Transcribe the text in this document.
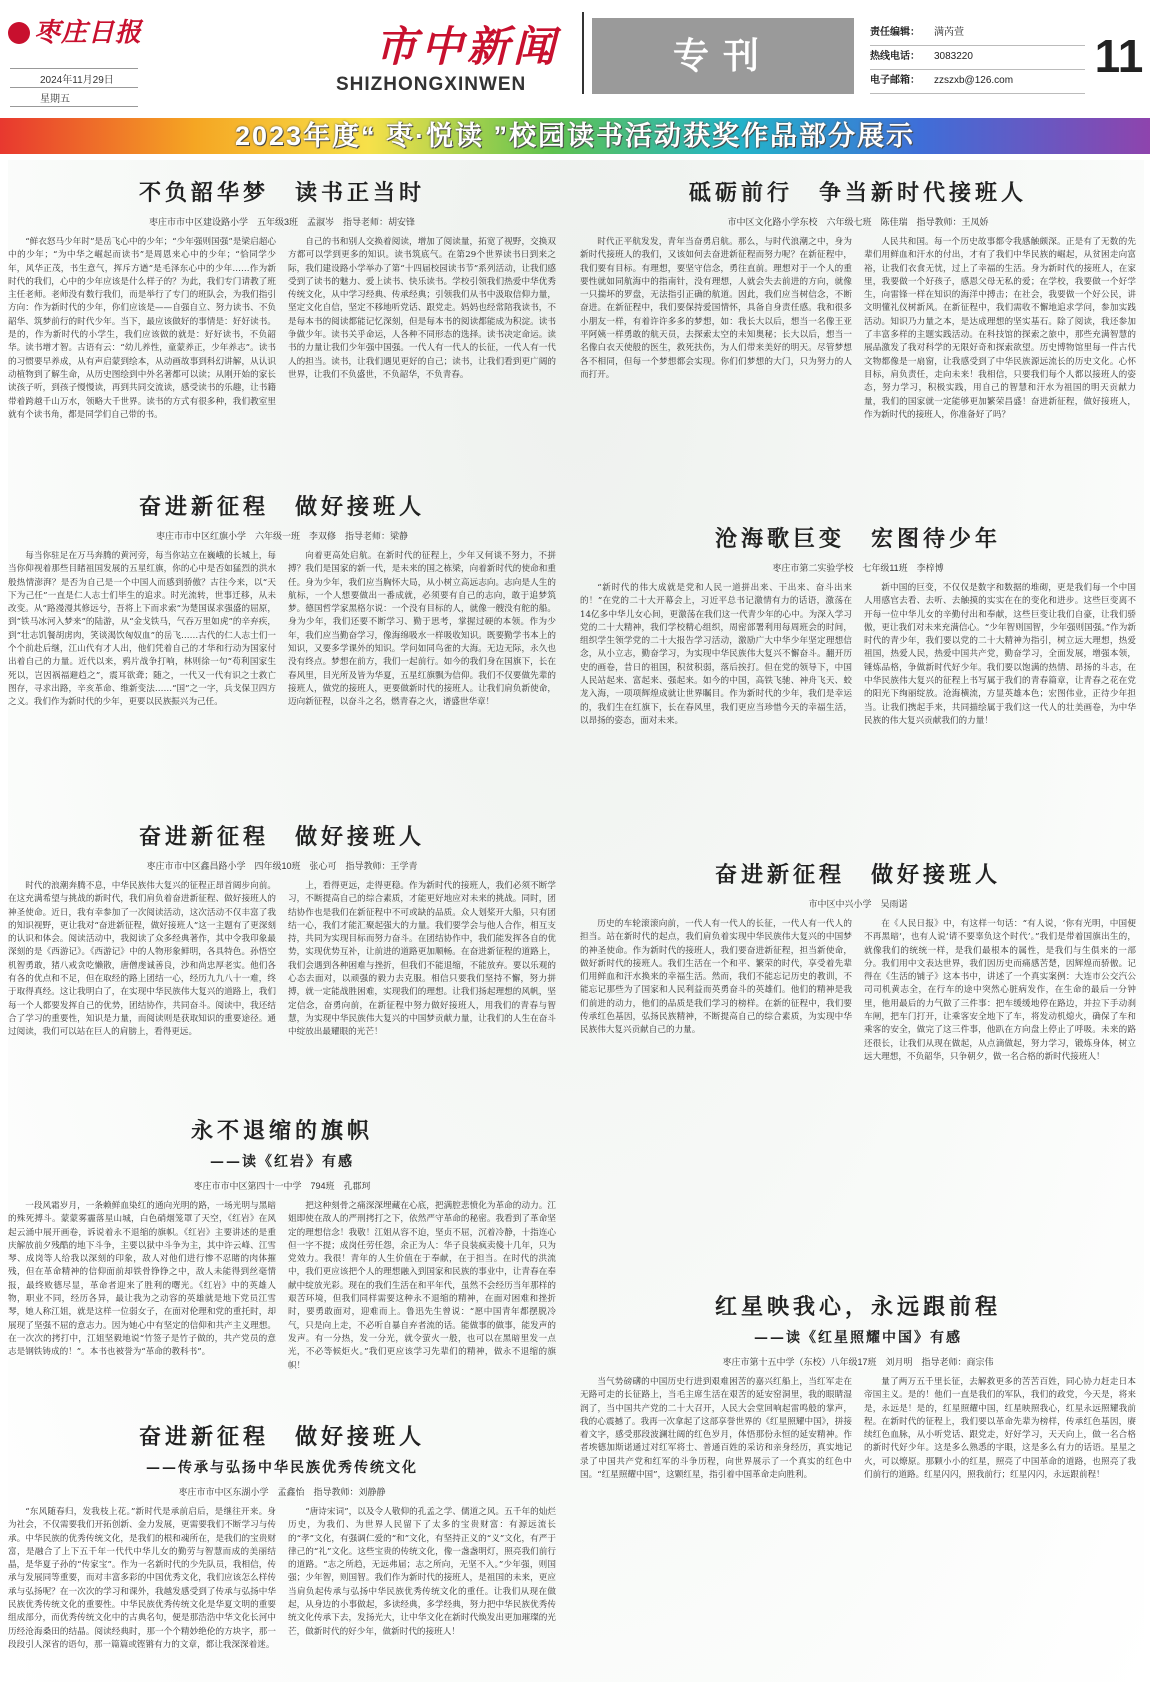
枣庄日报
2024年11月29日
星期五
市中新闻
SHIZHONGXINWEN
专刊
责任编辑：	满芮萱
热线电话：	3083220
电子邮箱：	zzszxb@126.com 11
2023年度“ 枣·悦读 ”校园读书活动获奖作品部分展示
不负韶华梦　读书正当时
枣庄市市中区建设路小学　五年级3班　孟淑岑　指导老师：胡安锋

“鲜衣怒马少年时”是岳飞心中的少年；“少年强则国强”是梁启超心中的少年；“为中华之崛起而读书”是周恩来心中的少年；“恰同学少年，风华正茂，书生意气，挥斥方遒”是毛泽东心中的少年……作为新时代的我们，心中的少年应该是什么样子的？为此，我们专门请教了班主任老师。老师没有数行我们，而是举行了专门的班队会，为我们指引方向：作为新时代的少年，你们应该是——自强自立、努力读书、不负韶华、筑梦前行的时代少年。当下，最应该做好的事情是：好好读书。是的，作为新时代的小学生，我们应该做的就是：好好读书，不负韶华。读书增才智。古语有云：“幼儿养性，童蒙养正，少年养志”。读书的习惯要早养成，从有声启蒙到绘本，从动画故事到科幻讲解，从认识动植物到了解生命，从历史图绘到中外名著都可以读；从刚开始的家长读孩子听，到孩子慢慢读，再到共同交流读，感受读书的乐趣，让书籍带着跨越千山万水，领略大千世界。读书的方式有很多种，我们教室里就有个读书角，都是同学们自己带的书。

自己的书和别人交换着阅读，增加了阅读量，拓宽了视野，交换双方都可以学到更多的知识。读书筑底气。在第29个世界读书日到来之际，我们建设路小学举办了第“十四届校园读书节”系列活动，让我们感受到了读书的魅力、爱上读书、快乐读书。学校引领我们热爱中华优秀传统文化，从中学习经典、传承经典；引领我们从书中汲取信仰力量，坚定文化自信，坚定不移地听党话、跟党走。妈妈也经常陪我读书，不是每本书的阅读都能记忆深刻，但是每本书的阅读都能成为积淀。读书争做少年。读书关乎命运，人各种不同形态的选择。读书决定命运。读书的力量让我们少年强中国强。一代人有一代人的长征，一代人有一代人的担当。读书，让我们遇见更好的自己；读书，让我们看到更广阔的世界，让我们不负盛世，不负韶华，不负青春。

奋进新征程　做好接班人
枣庄市市中区红旗小学　六年级一班　李双修　指导老师：梁静

每当你驻足在万马奔腾的黄河旁，每当你站立在巍峨的长城上，每当你仰视着那些目睹祖国发展的五星红旗，你的心中是否如猛烈的洪水般热情澎湃？是否为自己是一个中国人而感到骄傲？古往今来，以“天下为己任”一直是仁人志士们毕生的追求。时光流转，世事迁移，从未改变。从“路漫漫其修远兮，吾将上下而求索”为楚国谋求强盛的屈原，到“铁马冰河入梦来”的陆游，从“金戈铁马，气吞万里如虎”的辛弃疾，到“壮志饥餐胡虏肉，笑谈渴饮匈奴血”的岳飞……古代的仁人志士们一个个前赴后继，江山代有才人出，他们凭着自己的才华和行动为国家付出着自己的力量。近代以来，鸦片战争打响，林则徐一句“苟利国家生死以，岂因祸福避趋之”，震耳欲聋；随之，一代又一代有识之士救亡图存，寻求出路，辛亥革命、维新变法……“国”之一字，兵戈保卫四方之义。我们作为新时代的少年，更要以民族振兴为己任。

向着更高处启航。在新时代的征程上，少年又何谈不努力，不拼搏？我们是国家的新一代，是未来的国之栋梁，向着新时代的使命和重任。身为少年，我们应当胸怀大局，从小树立高远志向。志向是人生的航标，一个人想要做出一番成就，必须要有自己的志向，敢于追梦筑梦。德国哲学家黑格尔说：一个没有目标的人，就像一艘没有舵的船。身为少年，我们还要不断学习、勤于思考，掌握过硬的本领。作为少年，我们应当勤奋学习，像海绵吸水一样吸收知识。既要勤学书本上的知识，又要多学课外的知识。学问如同鸟雀的大海。无边无际，永久也没有终点。梦想在前方，我们一起前行。如今的我们身在国旗下，长在春风里，目光所及皆为华夏，五星红旗飘为信仰。我们不仅要做先辈的接班人，做党的接班人，更要做新时代的接班人。让我们肩负新使命，迈向新征程，以奋斗之名，燃青春之火，谱盛世华章！

奋进新征程　做好接班人
枣庄市市中区鑫昌路小学　四年级10班　张心可　指导教师：王学青

时代的浪潮奔腾不息，中华民族伟大复兴的征程正昂首阔步向前。在这充满希望与挑战的新时代，我们肩负着奋进新征程、做好接班人的神圣使命。近日，我有幸参加了一次阅读活动，这次活动不仅丰富了我的知识视野，更让我对“奋进新征程，做好接班人”这一主题有了更深刻的认识和体会。阅读活动中，我阅读了众多经典著作，其中令我印象最深刻的是《西游记》。《西游记》中的人物形象鲜明，各具特色。孙悟空机智勇敢，猪八戒贪吃懒散，唐僧虔诚善良，沙和尚忠厚老实。他们各有各的优点和不足，但在取经的路上团结一心，经历九九八十一难，终于取得真经。这让我明白了，在实现中华民族伟大复兴的道路上，我们每一个人都要发挥自己的优势，团结协作，共同奋斗。阅读中，我还结合了学习的重要性，知识是力量，而阅读则是获取知识的重要途径。通过阅读，我们可以站在巨人的肩膀上，看得更远。

上，看得更远，走得更稳。作为新时代的接班人，我们必须不断学习，不断提高自己的综合素质，才能更好地应对未来的挑战。同时，团结协作也是我们在新征程中不可或缺的品质。众人划桨开大船，只有团结一心，我们才能汇聚起强大的力量。我们要学会与他人合作，相互支持，共同为实现目标而努力奋斗。在团结协作中，我们能发挥各自的优势，实现优势互补，让前进的道路更加顺畅。在奋进新征程的道路上，我们会遇到各种困难与挫折，但我们不能退缩，不能放弃。要以乐观的心态去面对，以顽强的毅力去克服。相信只要我们坚持不懈，努力拼搏，就一定能战胜困难，实现我们的理想。让我们扬起理想的风帆，坚定信念，奋勇向前，在新征程中努力做好接班人，用我们的青春与智慧，为实现中华民族伟大复兴的中国梦贡献力量，让我们的人生在奋斗中绽放出最耀眼的光芒！

永不退缩的旗帜
——读《红岩》有感
枣庄市市中区第四十一中学　794班　孔郡珂

一段风霜岁月，一条赖鲜血染红的通向光明的路，一场光明与黑暗的殊死搏斗。蒙蒙雾霾落星山城，白色硝烟笼罩了天空，《红岩》在风起云涌中展开画卷，诉说着永不退缩的旗帜。《红岩》主要讲述的是重庆解放前夕残酷的地下斗争，主要以狱中斗争为主，其中许云峰、江雪琴、成岗等人给我以深刻的印象，敌人对他们进行惨不忍睹的肉体摧残，但在革命精神的信仰面前却铁骨铮铮之中，敌人未能得到丝毫情报，最终败德尽显，革命者迎来了胜利的曙光。《红岩》中的英雄人物，职业不同，经历各异，最让我为之动容的英雄就是地下党员江雪琴，她人称江姐，就是这样一位弱女子，在面对伦理和党的重托时，却展现了坚强不屈的意志力。因为她心中有坚定的信仰和共产主义理想。在一次次的拷打中，江姐坚毅地说“竹签子是竹子做的，共产党员的意志是钢铁铸成的！”。本书也被誉为“革命的教科书”。

把这种刻骨之痛深深埋藏在心底，把满腔悲愤化为革命的动力。江姐即使在敌人的严刑拷打之下，依然严守革命的秘密。我看到了革命坚定的理想信念！我敬！江姐从容不迫，坚贞不屈，沉着冷静，十指连心但一字不提；成岗任劳任怨，余正为人：华子良装疯卖傻十几年，只为党效力。我很！青年的人生价值在于奉献，在于担当。在时代的洪流中，我们更应该把个人的理想融入到国家和民族的事业中，让青春在奉献中绽放光彩。现在的我们生活在和平年代，虽然不会经历当年那样的艰苦环境，但我们同样需要这种永不退缩的精神，在面对困难和挫折时，要勇敢面对，迎难而上。鲁迅先生曾说：“愿中国青年都摆脱冷气，只是向上走，不必听自暴自弃者流的话。能做事的做事，能发声的发声。有一分热，发一分光，就令萤火一般，也可以在黑暗里发一点光，不必等候炬火。”我们更应该学习先辈们的精神，做永不退缩的旗帜！

奋进新征程　做好接班人
——传承与弘扬中华民族优秀传统文化
枣庄市市中区东湖小学　孟鑫怡　指导教师：刘静静

“东风随春归，发我枝上花。”新时代是承前启后，是继往开来。身为社会，不仅需要我们开拓创新、金力发展，更需要我们不断学习与传承。中华民族的优秀传统文化，是我们的根和魂所在，是我们的宝贵财富，是融合了上下五千年一代代中华儿女的勤劳与智慧而成的美丽结晶，是华夏子孙的“传家宝”。作为一名新时代的少先队员，我相信，传承与发展同等重要，而对丰富多彩的中国优秀文化，我们应该怎么样传承与弘扬呢？在一次次的学习和课外，我越发感受到了传承与弘扬中华民族优秀传统文化的重要性。中华民族优秀传统文化是华夏文明的重要组成部分，而优秀传统文化中的古典名句，便是那浩浩中华文化长河中历经沧海桑田的结晶。阅读经典时，那一个个精妙绝伦的方块字，那一段段引人深省的语句，那一篇篇或铿锵有力的文章，都让我深深着迷。

“唐诗宋词”，以及令人敬仰的孔孟之学、儒道之风。五千年的灿烂历史，为我们、为世界人民留下了太多的宝贵财富：有源远流长的“孝”文化，有强调仁爱的“和”文化，有坚持正义的“义”文化，有严于律己的“礼”文化。这些宝贵的传统文化，像一盏盏明灯，照亮我们前行的道路。“志之所趋，无远弗届；志之所向，无坚不入。”少年强，则国强；少年智，则国智。我们作为新时代的接班人，是祖国的未来，更应当肩负起传承与弘扬中华民族优秀传统文化的重任。让我们从现在做起，从身边的小事做起，多读经典，多学经典，努力把中华民族优秀传统文化传承下去，发扬光大，让中华文化在新时代焕发出更加璀璨的光芒，做新时代的好少年，做新时代的接班人！

砥砺前行　争当新时代接班人
市中区文化路小学东校　六年级七班　陈佳瑞　指导教师：王凤娇

时代正平航发发，青年当奋勇启航。那么，与时代浪潮之中，身为新时代接班人的我们，又该如何去奋进新征程而努力呢？在新征程中，我们要有目标。有理想，要坚守信念，勇往直前。理想对于一个人的重要性就如同航海中的指南针，没有理想，人就会失去前进的方向，就像一只揣坏的罗盘，无法指引正确的航道。因此，我们应当树信念，不断奋进。在新征程中，我们要保持爱国情怀，具备自身责任感。我和很多小朋友一样，有着许许多多的梦想，如：我长大以后，想当一名像王亚平阿姨一样勇敢的航天员，去探索太空的未知奥秘；长大以后，想当一名像白衣天使般的医生，救死扶伤，为人们带来美好的明天。尽管梦想各不相同，但每一个梦想都会实现。你们们梦想的大门，只为努力的人而打开。

人民共和国。每一个历史故事都令我感触颇深。正是有了无数的先辈们用鲜血和汗水的付出，才有了我们中华民族的崛起，从贫困走向富裕，让我们衣食无忧，过上了幸福的生活。身为新时代的接班人，在家里，我要做一个好孩子，感恩父母无私的爱；在学校，我要做一个好学生，向雷锋一样在知识的海洋中搏击；在社会，我要做一个好公民，讲文明懂礼仪树新风。在新征程中，我们需收不懈地追求学问，参加实践活动。知识乃力量之本，是达成理想的坚实基石。除了阅读，我还参加了丰富多样的主题实践活动。在科技馆的探索之旅中，那些充满智慧的展品激发了我对科学的无限好奇和探索欲望。历史博物馆里每一件古代文物都像是一扇窗，让我感受到了中华民族源远流长的历史文化。心怀目标，肩负责任，走向未来！我相信，只要我们每个人都以接班人的姿态，努力学习，积极实践，用自己的智慧和汗水为祖国的明天贡献力量，我们的国家就一定能够更加繁荣昌盛！奋进新征程，做好接班人，作为新时代的接班人，你准备好了吗？

沧海歌巨变　宏图待少年
枣庄市第二实验学校　七年级11班　李梓博

“新时代的伟大成就是党和人民一道拼出来、干出来、奋斗出来的！”在党的二十大开幕会上，习近平总书记激情有力的话语，激荡在14亿多中华儿女心间，更激荡在我们这一代青少年的心中。为深入学习党的二十大精神，我们学校精心组织，周密部署利用每周班会的时间，组织学生领学党的二十大报告学习活动，激励广大中华少年坚定理想信念，从小立志，勤奋学习，为实现中华民族伟大复兴不懈奋斗。翻开历史的画卷，昔日的祖国，积贫积弱，落后挨打。但在党的领导下，中国人民站起来、富起来、强起来。如今的中国，高铁飞驰、神舟飞天、蛟龙入海，一项项辉煌成就让世界瞩目。作为新时代的少年，我们是幸运的，我们生在红旗下，长在春风里，我们更应当珍惜今天的幸福生活，以昂扬的姿态，面对未来。

新中国的巨变，不仅仅是数字和数据的堆砌，更是我们每一个中国人用感官去看、去听、去触摸的实实在在的变化和进步。这些巨变离不开每一位中华儿女的辛勤付出和奉献，这些巨变让我们自豪，让我们骄傲，更让我们对未来充满信心。“少年智则国智，少年强则国强。”作为新时代的青少年，我们要以党的二十大精神为指引，树立远大理想，热爱祖国，热爱人民，热爱中国共产党，勤奋学习，全面发展，增强本领，锤炼品格，争做新时代好少年。我们要以饱满的热情、昂扬的斗志，在中华民族伟大复兴的征程上书写属于我们的青春篇章，让青春之花在党的阳光下绚丽绽放。沧海横流，方显英雄本色；宏图伟业，正待少年担当。让我们携起手来，共同描绘属于我们这一代人的壮美画卷，为中华民族的伟大复兴贡献我们的力量！

奋进新征程　做好接班人
市中区中兴小学　吴雨诺

历史的车轮滚滚向前，一代人有一代人的长征，一代人有一代人的担当。站在新时代的起点，我们肩负着实现中华民族伟大复兴的中国梦的神圣使命。作为新时代的接班人，我们要奋进新征程，担当新使命，做好新时代的接班人。我们生活在一个和平、繁荣的时代，享受着先辈们用鲜血和汗水换来的幸福生活。然而，我们不能忘记历史的教训，不能忘记那些为了国家和人民利益而英勇奋斗的英雄们。他们的精神是我们前进的动力，他们的品质是我们学习的榜样。在新的征程中，我们要传承红色基因，弘扬民族精神，不断提高自己的综合素质，为实现中华民族伟大复兴贡献自己的力量。

在《人民日报》中，有这样一句话：“有人说，‘你有光明，中国便不再黑暗’，也有人说‘请不要辜负这个时代’。”我们是带着国旗出生的，就像我们的统统一样，是我们最根本的属性，是我们与生俱来的一部分。我们用中文表达世界，我们因历史而痛感苦楚，因辉煌而骄傲。记得在《生活的铺子》这本书中，讲述了一个真实案例：大连市公交汽公司司机黄志全，在行车的途中突然心脏病发作，在生命的最后一分钟里，他用最后的力气做了三件事：把车缓缓地停在路边，并拉下手动刹车闸，把车门打开，让乘客安全地下了车，将发动机熄火，确保了车和乘客的安全，做完了这三件事，他趴在方向盘上停止了呼吸。未来的路还很长，让我们从现在做起，从点滴做起，努力学习，锻炼身体，树立远大理想，不负韶华，只争朝夕，做一名合格的新时代接班人！

红星映我心，永远跟前程
——读《红星照耀中国》有感
枣庄市第十五中学（东校）八年级17班　刘月明　指导老师：商宗伟

当气势磅礴的中国历史行进到艰难困苦的嘉兴红船上，当红军走在无路可走的长征路上，当毛主席生活在艰苦的延安窑洞里，我的眼睛湿润了，当中国共产党的二十大召开，人民大会堂回响起雷鸣般的掌声，我的心震撼了。我再一次拿起了这部享誉世界的《红星照耀中国》，拼接着文字，感受那段波澜壮阔的红色岁月，体悟那份永恒的延安精神。作者埃德加斯诺通过对红军将士、普通百姓的采访和亲身经历，真实地记录了中国共产党和红军的斗争历程，向世界展示了一个真实的红色中国。“红星照耀中国”，这颗红星，指引着中国革命走向胜利。

量了两万五千里长征，去解救更多的苦苦百姓，同心协力赶走日本帝国主义。是的！他们一直是我们的军队，我们的政党，今天是，将来是，永远是！是的，红星照耀中国，红星映照我心，红星永远照耀我前程。在新时代的征程上，我们要以革命先辈为榜样，传承红色基因，赓续红色血脉，从小听党话、跟党走，好好学习，天天向上，做一名合格的新时代好少年。这是多么熟悉的字眼，这是多么有力的话语。星星之火，可以燎原。那颗小小的红星，照亮了中国革命的道路，也照亮了我们前行的道路。红星闪闪，照我前行；红星闪闪，永远跟前程！
